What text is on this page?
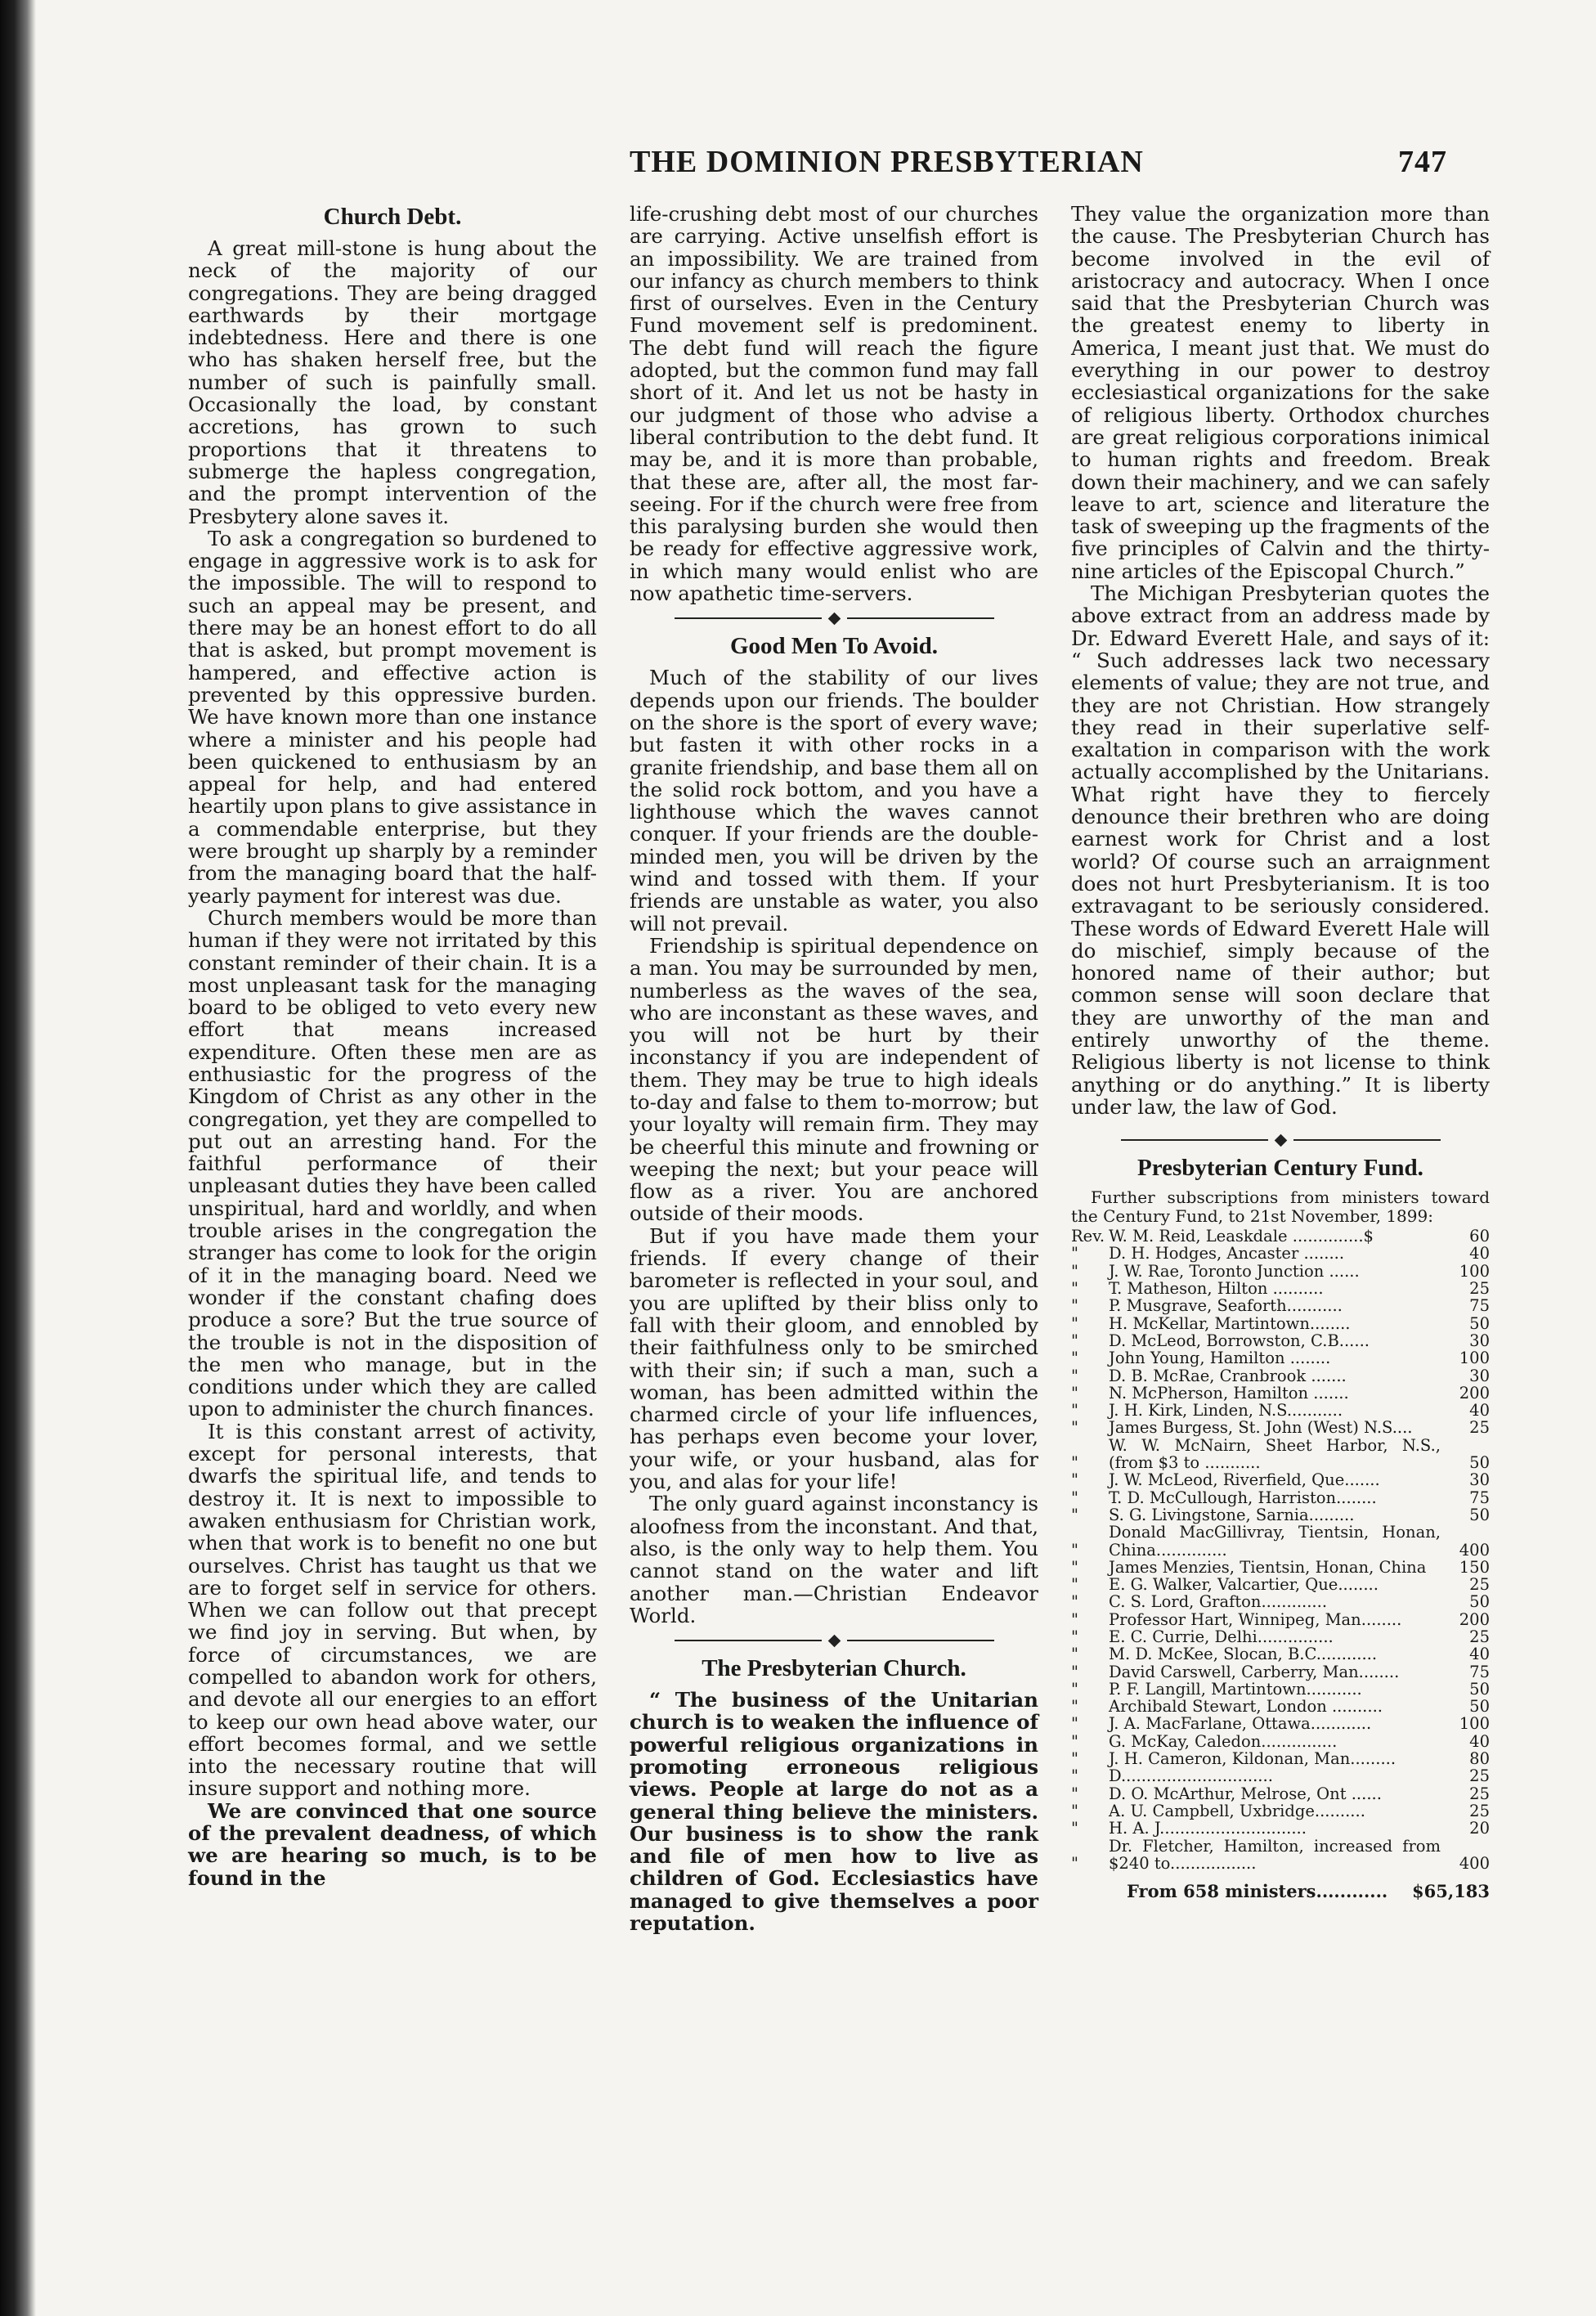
THE DOMINION PRESBYTERIAN	747
Church Debt.

A great mill-stone is hung about the neck of the majority of our congregations. They are being dragged earthwards by their mortgage indebtedness. Here and there is one who has shaken herself free, but the number of such is painfully small. Occasionally the load, by constant accretions, has grown to such proportions that it threatens to submerge the hapless congregation, and the prompt intervention of the Presbytery alone saves it.

To ask a congregation so burdened to engage in aggressive work is to ask for the impossible. The will to respond to such an appeal may be present, and there may be an honest effort to do all that is asked, but prompt movement is hampered, and effective action is prevented by this oppressive burden. We have known more than one instance where a minister and his people had been quickened to enthusiasm by an appeal for help, and had entered heartily upon plans to give assistance in a commendable enterprise, but they were brought up sharply by a reminder from the managing board that the half-yearly payment for interest was due.

Church members would be more than human if they were not irritated by this constant reminder of their chain. It is a most unpleasant task for the managing board to be obliged to veto every new effort that means increased expenditure. Often these men are as enthusiastic for the progress of the Kingdom of Christ as any other in the congregation, yet they are compelled to put out an arresting hand. For the faithful performance of their unpleasant duties they have been called unspiritual, hard and worldly, and when trouble arises in the congregation the stranger has come to look for the origin of it in the managing board. Need we wonder if the constant chafing does produce a sore? But the true source of the trouble is not in the disposition of the men who manage, but in the conditions under which they are called upon to administer the church finances.

It is this constant arrest of activity, except for personal interests, that dwarfs the spiritual life, and tends to destroy it. It is next to impossible to awaken enthusiasm for Christian work, when that work is to benefit no one but ourselves. Christ has taught us that we are to forget self in service for others. When we can follow out that precept we find joy in serving. But when, by force of circumstances, we are compelled to abandon work for others, and devote all our energies to an effort to keep our own head above water, our effort becomes formal, and we settle into the necessary routine that will insure support and nothing more.

We are convinced that one source of the prevalent deadness, of which we are hearing so much, is to be found in the

life-crushing debt most of our churches are carrying. Active unselfish effort is an impossibility. We are trained from our infancy as church members to think first of ourselves. Even in the Century Fund movement self is predominent. The debt fund will reach the figure adopted, but the common fund may fall short of it. And let us not be hasty in our judgment of those who advise a liberal contribution to the debt fund. It may be, and it is more than probable, that these are, after all, the most far-seeing. For if the church were free from this paralysing burden she would then be ready for effective aggressive work, in which many would enlist who are now apathetic time-servers.

Good Men To Avoid.

Much of the stability of our lives depends upon our friends. The boulder on the shore is the sport of every wave; but fasten it with other rocks in a granite friendship, and base them all on the solid rock bottom, and you have a lighthouse which the waves cannot conquer. If your friends are the double-minded men, you will be driven by the wind and tossed with them. If your friends are unstable as water, you also will not prevail.

Friendship is spiritual dependence on a man. You may be surrounded by men, numberless as the waves of the sea, who are inconstant as these waves, and you will not be hurt by their inconstancy if you are independent of them. They may be true to high ideals to-day and false to them to-morrow; but your loyalty will remain firm. They may be cheerful this minute and frowning or weeping the next; but your peace will flow as a river. You are anchored outside of their moods.

But if you have made them your friends. If every change of their barometer is reflected in your soul, and you are uplifted by their bliss only to fall with their gloom, and ennobled by their faithfulness only to be smirched with their sin; if such a man, such a woman, has been admitted within the charmed circle of your life influences, has perhaps even become your lover, your wife, or your husband, alas for you, and alas for your life!

The only guard against inconstancy is aloofness from the inconstant. And that, also, is the only way to help them. You cannot stand on the water and lift another man.—Christian Endeavor World.

The Presbyterian Church.

“ The business of the Unitarian church is to weaken the influence of powerful religious organizations in promoting erroneous religious views. People at large do not as a general thing believe the ministers. Our business is to show the rank and file of men how to live as children of God. Ecclesiastics have managed to give themselves a poor reputation.

They value the organization more than the cause. The Presbyterian Church has become involved in the evil of aristocracy and autocracy. When I once said that the Presbyterian Church was the greatest enemy to liberty in America, I meant just that. We must do everything in our power to destroy ecclesiastical organizations for the sake of religious liberty. Orthodox churches are great religious corporations inimical to human rights and freedom. Break down their machinery, and we can safely leave to art, science and literature the task of sweeping up the fragments of the five principles of Calvin and the thirty-nine articles of the Episcopal Church.”

The Michigan Presbyterian quotes the above extract from an address made by Dr. Edward Everett Hale, and says of it: “ Such addresses lack two necessary elements of value; they are not true, and they are not Christian. How strangely they read in their superlative self-exaltation in comparison with the work actually accomplished by the Unitarians. What right have they to fiercely denounce their brethren who are doing earnest work for Christ and a lost world? Of course such an arraignment does not hurt Presbyterianism. It is too extravagant to be seriously considered. These words of Edward Everett Hale will do mischief, simply because of the honored name of their author; but common sense will soon declare that they are unworthy of the man and entirely unworthy of the theme. Religious liberty is not license to think anything or do anything.” It is liberty under law, the law of God.

Presbyterian Century Fund.

Further subscriptions from ministers toward the Century Fund, to 21st November, 1899:

Rev.	W. M. Reid, Leaskdale ..............$	60
"	D. H. Hodges, Ancaster ........	40
"	J. W. Rae, Toronto Junction ......	100
"	T. Matheson, Hilton ..........	25
"	P. Musgrave, Seaforth...........	75
"	H. McKellar, Martintown........	50
"	D. McLeod, Borrowston, C.B......	30
"	John Young, Hamilton ........	100
"	D. B. McRae, Cranbrook .......	30
"	N. McPherson, Hamilton .......	200
"	J. H. Kirk, Linden, N.S...........	40
"	James Burgess, St. John (West) N.S....	25
"	W. W. McNairn, Sheet Harbor, N.S., (from $3 to ...........	50
"	J. W. McLeod, Riverfield, Que.......	30
"	T. D. McCullough, Harriston........	75
"	S. G. Livingstone, Sarnia.........	50
"	Donald MacGillivray, Tientsin, Honan, China..............	400
"	James Menzies, Tientsin, Honan, China	150
"	E. G. Walker, Valcartier, Que........	25
"	C. S. Lord, Grafton.............	50
"	Professor Hart, Winnipeg, Man........	200
"	E. C. Currie, Delhi...............	25
"	M. D. McKee, Slocan, B.C............	40
"	David Carswell, Carberry, Man........	75
"	P. F. Langill, Martintown...........	50
"	Archibald Stewart, London ..........	50
"	J. A. MacFarlane, Ottawa............	100
"	G. McKay, Caledon...............	40
"	J. H. Cameron, Kildonan, Man.........	80
"	D..............................	25
"	D. O. McArthur, Melrose, Ont ......	25
"	A. U. Campbell, Uxbridge..........	25
"	H. A. J.............................	20
"	Dr. Fletcher, Hamilton, increased from $240 to.................	400
From 658 ministers............ $65,183
